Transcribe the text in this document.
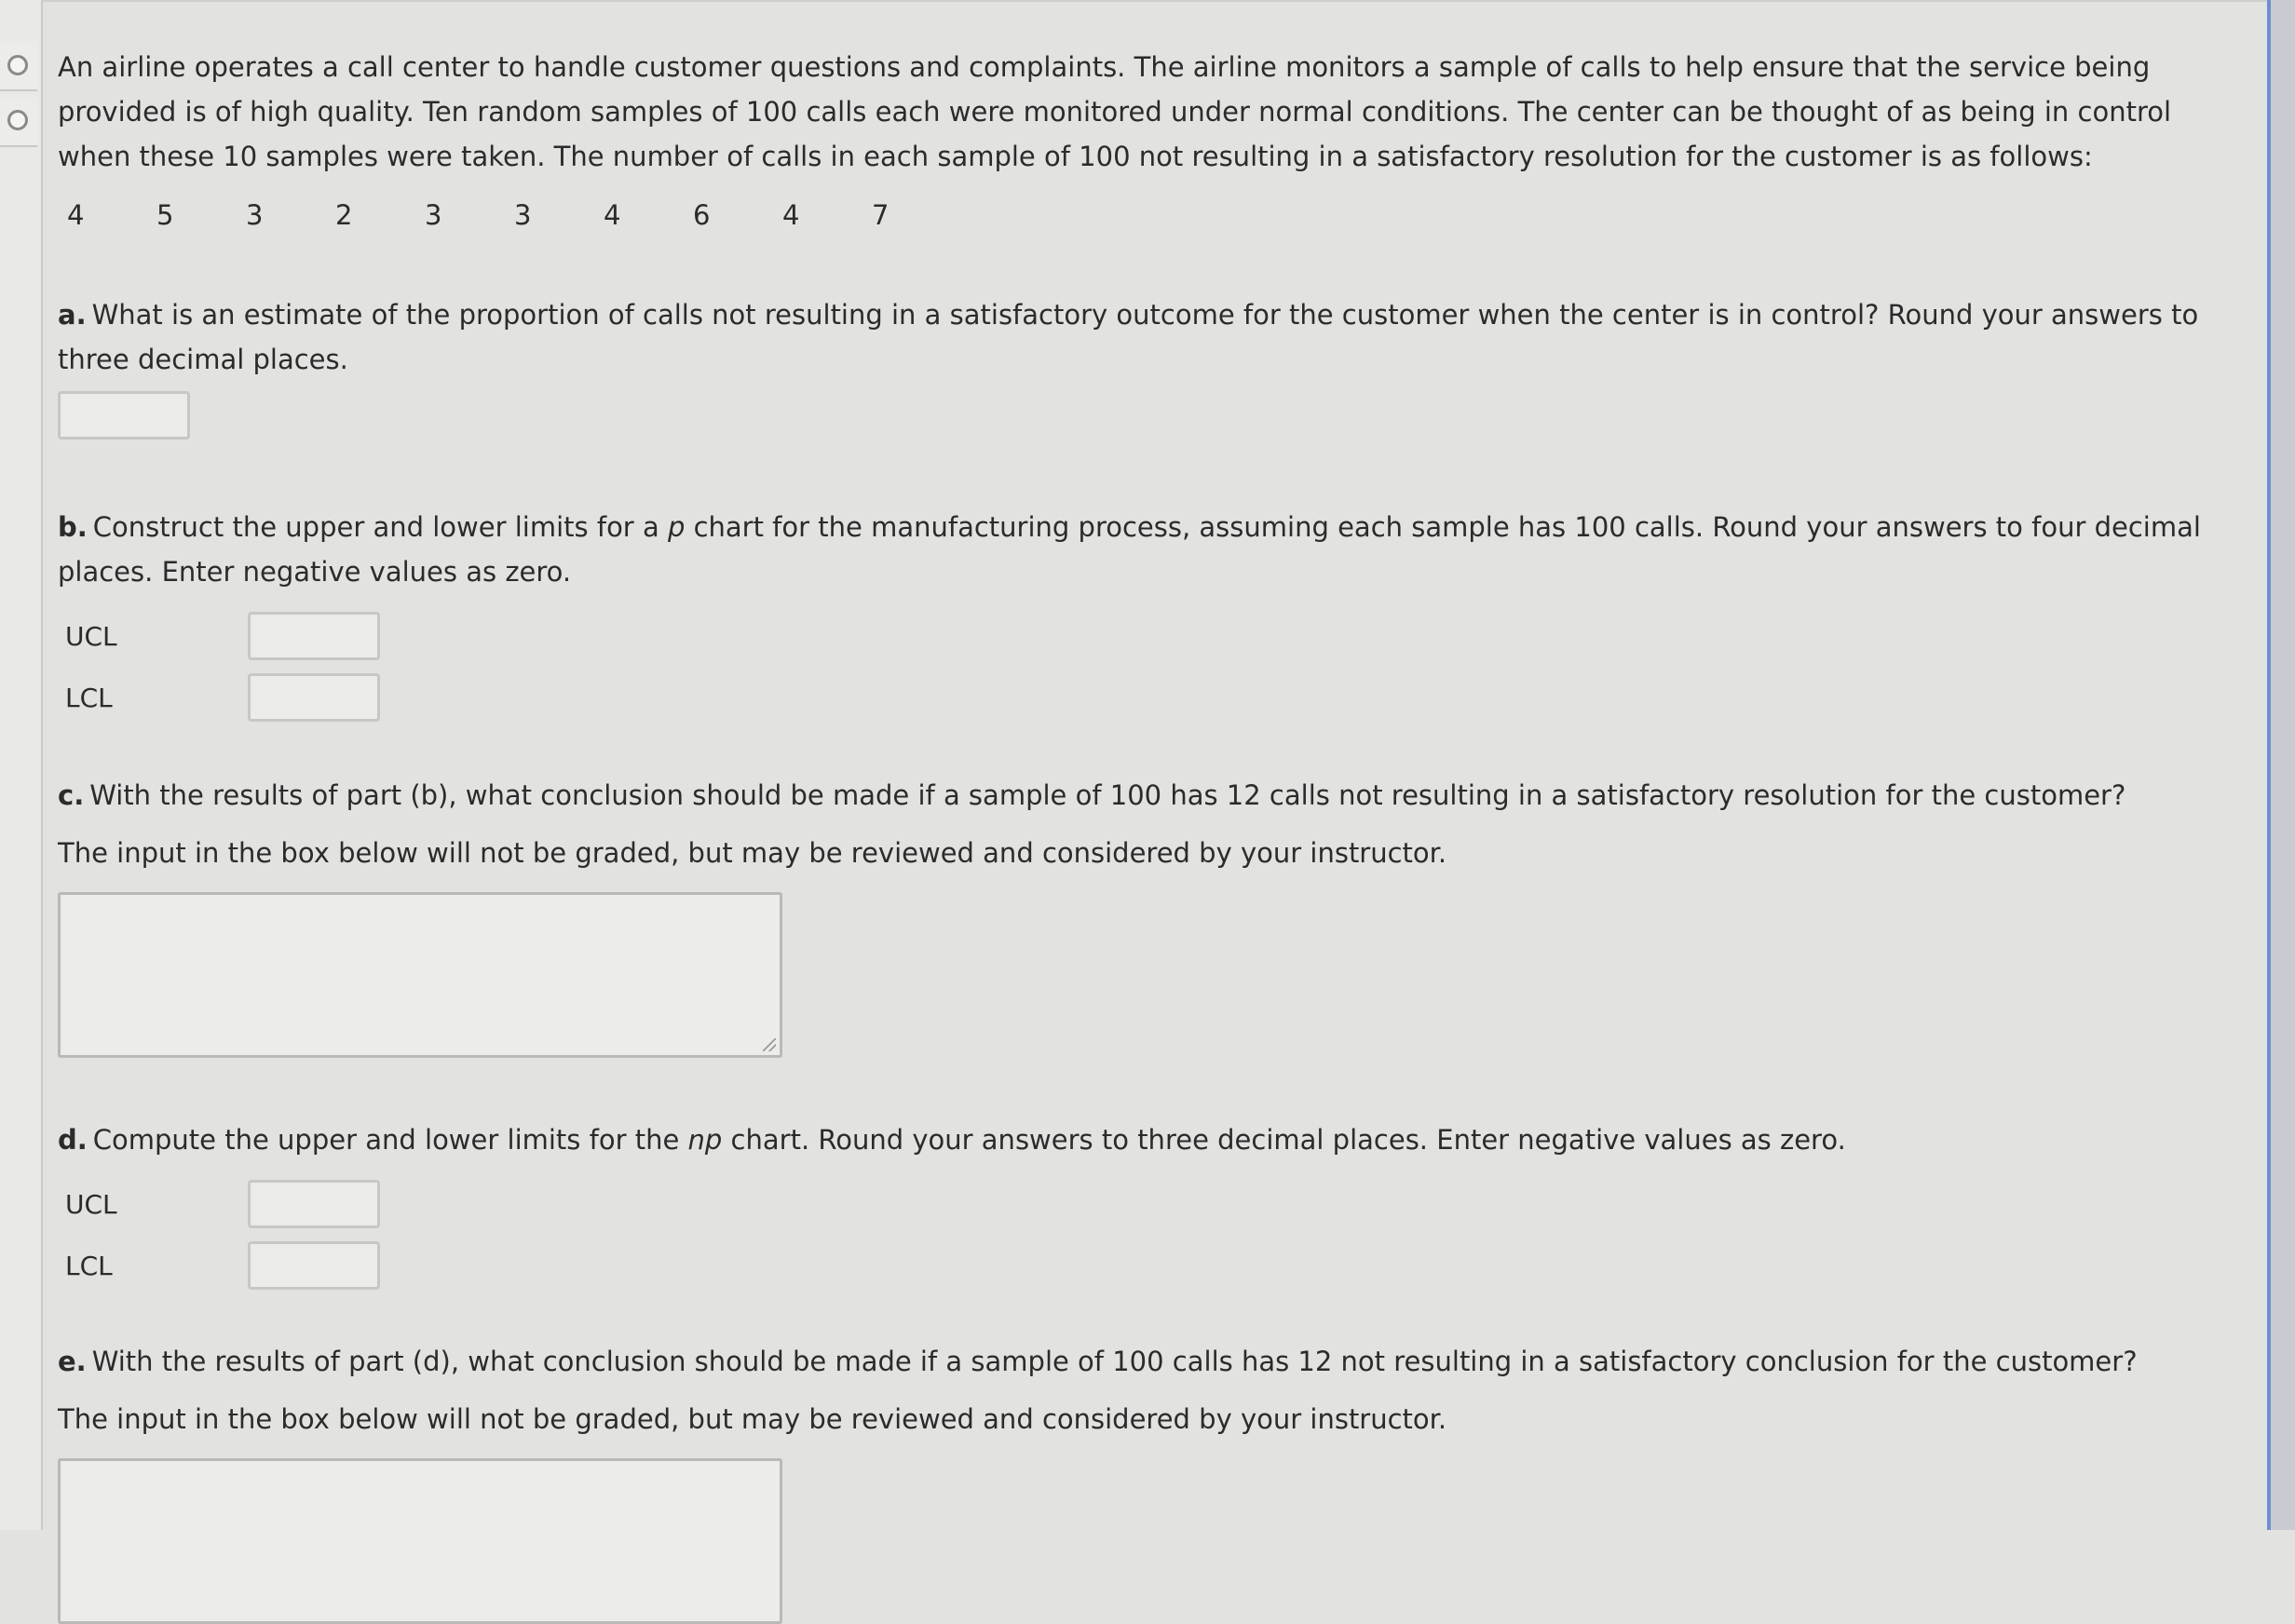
An airline operates a call center to handle customer questions and complaints. The airline monitors a sample of calls to help ensure that the service being provided is of high quality. Ten random samples of 100 calls each were monitored under normal conditions. The center can be thought of as being in control when these 10 samples were taken. The number of calls in each sample of 100 not resulting in a satisfactory resolution for the customer is as follows:

4	5	3	2	3	3	4	6	4	7

a. What is an estimate of the proportion of calls not resulting in a satisfactory outcome for the customer when the center is in control? Round your answers to three decimal places.

b. Construct the upper and lower limits for a p chart for the manufacturing process, assuming each sample has 100 calls. Round your answers to four decimal places. Enter negative values as zero.

UCL
LCL

c. With the results of part (b), what conclusion should be made if a sample of 100 has 12 calls not resulting in a satisfactory resolution for the customer?

The input in the box below will not be graded, but may be reviewed and considered by your instructor.

d. Compute the upper and lower limits for the np chart. Round your answers to three decimal places. Enter negative values as zero.

UCL
LCL

e. With the results of part (d), what conclusion should be made if a sample of 100 calls has 12 not resulting in a satisfactory conclusion for the customer?

The input in the box below will not be graded, but may be reviewed and considered by your instructor.
